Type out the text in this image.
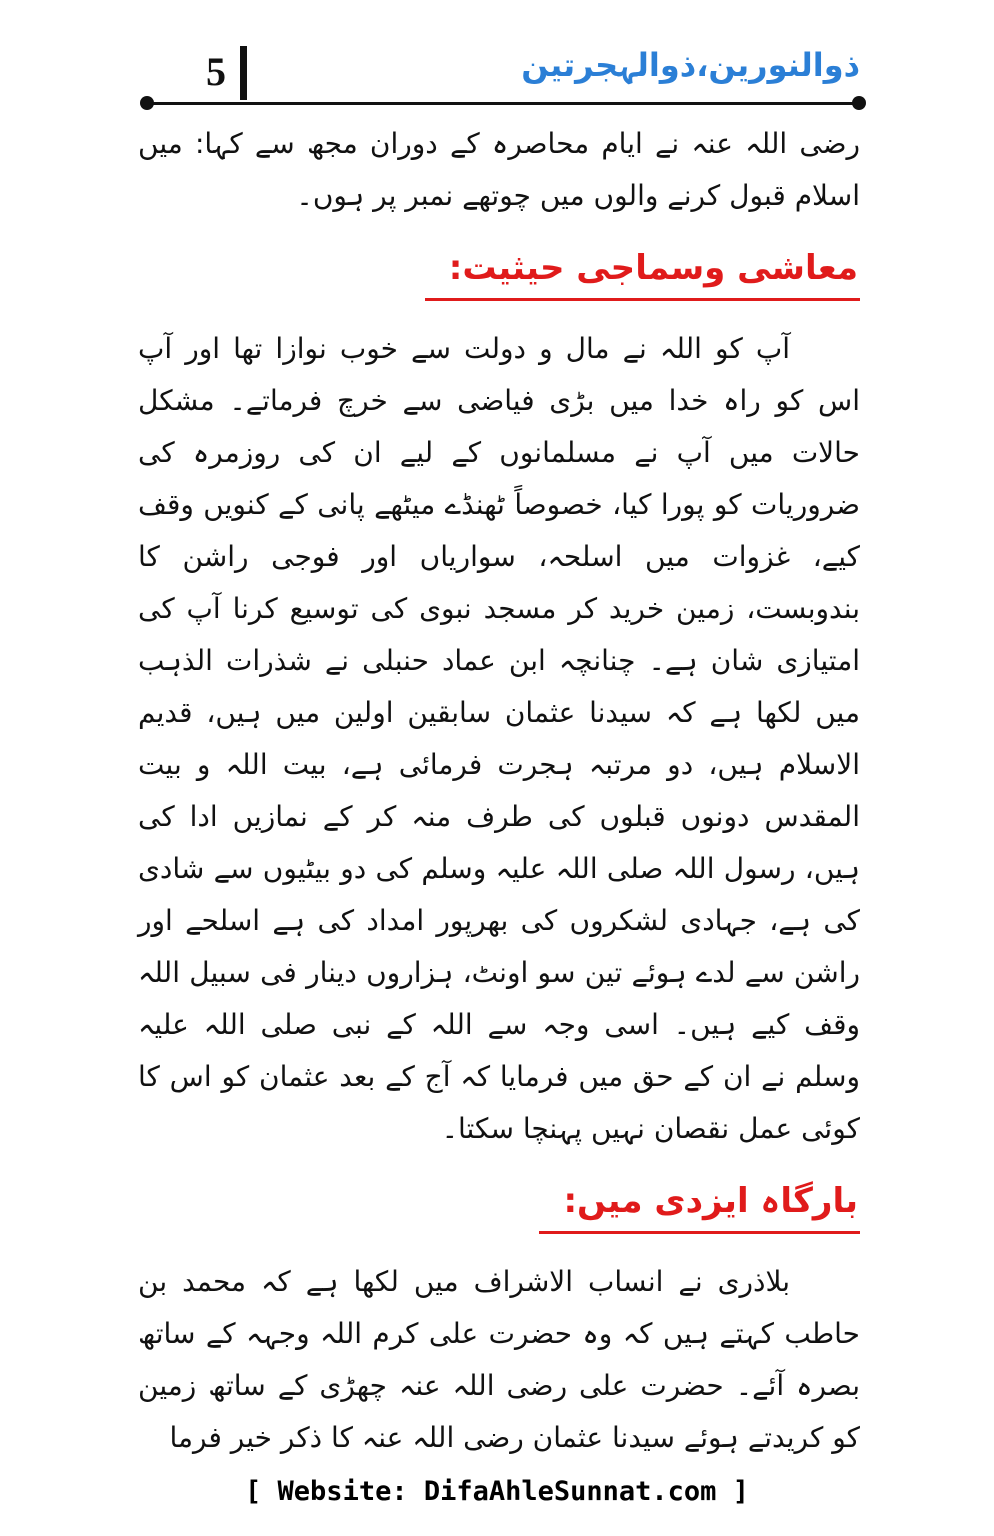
5	ذوالنورین،ذوالہجرتین

رضی اللہ عنہ نے ایام محاصرہ کے دوران مجھ سے کہا: میں اسلام قبول کرنے والوں میں چوتھے نمبر پر ہوں۔

معاشی وسماجی حیثیت:

آپ کو اللہ نے مال و دولت سے خوب نوازا تھا اور آپ اس کو راہ خدا میں بڑی فیاضی سے خرچ فرماتے۔ مشکل حالات میں آپ نے مسلمانوں کے لیے ان کی روزمرہ کی ضروریات کو پورا کیا، خصوصاً ٹھنڈے میٹھے پانی کے کنویں وقف کیے، غزوات میں اسلحہ، سواریاں اور فوجی راشن کا بندوبست، زمین خرید کر مسجد نبوی کی توسیع کرنا آپ کی امتیازی شان ہے۔ چنانچہ ابن عماد حنبلی نے شذرات الذہب میں لکھا ہے کہ سیدنا عثمان سابقین اولین میں ہیں، قدیم الاسلام ہیں، دو مرتبہ ہجرت فرمائی ہے، بیت اللہ و بیت المقدس دونوں قبلوں کی طرف منہ کر کے نمازیں ادا کی ہیں، رسول اللہ صلی اللہ علیہ وسلم کی دو بیٹیوں سے شادی کی ہے، جہادی لشکروں کی بھرپور امداد کی ہے اسلحے اور راشن سے لدے ہوئے تین سو اونٹ، ہزاروں دینار فی سبیل اللہ وقف کیے ہیں۔ اسی وجہ سے اللہ کے نبی صلی اللہ علیہ وسلم نے ان کے حق میں فرمایا کہ آج کے بعد عثمان کو اس کا کوئی عمل نقصان نہیں پہنچا سکتا۔

بارگاہ ایزدی میں:

بلاذری نے انساب الاشراف میں لکھا ہے کہ محمد بن حاطب کہتے ہیں کہ وہ حضرت علی کرم اللہ وجہہ کے ساتھ بصرہ آئے۔ حضرت علی رضی اللہ عنہ چھڑی کے ساتھ زمین کو کریدتے ہوئے سیدنا عثمان رضی اللہ عنہ کا ذکر خیر فرما

[ Website: DifaAhleSunnat.com ]
